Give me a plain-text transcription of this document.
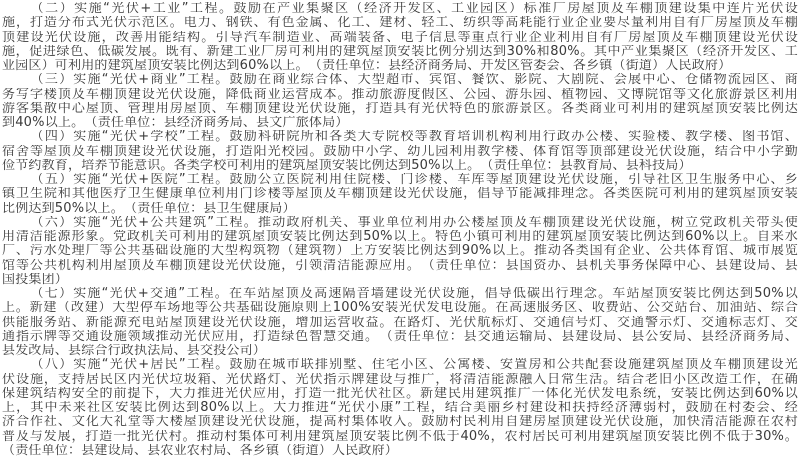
（二）实施“光伏+工业”工程。鼓励在产业集聚区（经济开发区、工业园区）标准厂房屋顶及车棚顶建设集中连片光伏设
施，打造分布式光伏示范区。电力、钢铁、有色金属、化工、建材、轻工、纺织等高耗能行业企业要尽量利用自有厂房屋顶及车棚
顶建设光伏设施，改善用能结构。引导汽车制造业、高端装备、电子信息等重点行业企业利用自有厂房屋顶及车棚顶建设光伏设
施，促进绿色、低碳发展。既有、新建工业厂房可利用的建筑屋顶安装比例分别达到30%和80%。其中产业集聚区（经济开发区、工
业园区）可利用的建筑屋顶安装比例达到60%以上。　（责任单位：县经济商务局、开发区管委会、各乡镇（街道）人民政府）
（三）实施“光伏+商业”工程。鼓励在商业综合体、大型超市、宾馆、餐饮、影院、大剧院、会展中心、仓储物流园区、商
务写字楼顶及车棚顶建设光伏设施，降低商业运营成本。推动旅游度假区、公园、游乐园、植物园、文博院馆等文化旅游景区利用
游客集散中心屋顶、管理用房屋顶、车棚顶建设光伏设施，打造具有光伏特色的旅游景区。各类商业可利用的建筑屋顶安装比例达
到40%以上。　（责任单位：县经济商务局、县文广旅体局）
（四）实施“光伏+学校”工程。鼓励科研院所和各类大专院校等教育培训机构利用行政办公楼、实验楼、教学楼、图书馆、
宿舍等屋顶及车棚顶建设光伏设施，打造阳光校园。鼓励中小学、幼儿园利用教学楼、体育馆等顶部建设光伏设施，结合中小学勤
俭节约教育，培养节能意识。各类学校可利用的建筑屋顶安装比例达到50%以上。　（责任单位：县教育局、县科技局）
（五）实施“光伏+医院”工程。鼓励公立医院利用住院楼、门诊楼、车库等屋顶建设光伏设施，引导社区卫生服务中心、乡
镇卫生院和其他医疗卫生健康单位利用门诊楼等屋顶及车棚顶建设光伏设施，倡导节能减排理念。各类医院可利用的建筑屋顶安装
比例达到50%以上。　（责任单位：县卫生健康局）
（六）实施“光伏+公共建筑”工程。推动政府机关、事业单位利用办公楼屋顶及车棚顶建设光伏设施，树立党政机关带头使
用清洁能源形象。党政机关可利用的建筑屋顶安装比例达到50%以上。特色小镇可利用的建筑屋顶安装比例达到60%以上。自来水
厂、污水处理厂等公共基础设施的大型构筑物（建筑物）上方安装比例达到90%以上。推动各类国有企业、公共体育馆、城市展览
馆等公共机构利用屋顶及车棚顶建设光伏设施，引领清洁能源应用。　（责任单位：县国资办、县机关事务保障中心、县建设局、县
国投集团）
（七）实施“光伏+交通”工程。在车站屋顶及高速隔音墙建设光伏设施，倡导低碳出行理念。车站屋顶安装比例达到50%以
上。新建（改建）大型停车场地等公共基础设施原则上100%安装光伏发电设施。在高速服务区、收费站、公交站台、加油站、综合
供能服务站、新能源充电站屋顶建设光伏设施，增加运营收益。在路灯、光伏航标灯、交通信号灯、交通警示灯、交通标志灯、交
通指示牌等交通设施领域推动光伏应用，打造绿色智慧交通。　（责任单位：县交通运输局、县建设局、县公安局、县经济商务局、
县发改局、县综合行政执法局、县交投公司）
（八）实施“光伏+居民”工程。鼓励在城市联排别墅、住宅小区、公寓楼、安置房和公共配套设施建筑屋顶及车棚顶建设光
伏设施，支持居民区内光伏垃圾箱、光伏路灯、光伏指示牌建设与推广，将清洁能源融入日常生活。结合老旧小区改造工作，在确
保建筑结构安全的前提下，大力推进光伏应用，打造一批光伏社区。新建民用建筑推广一体化光伏发电系统，安装比例达到60%以
上，其中未来社区安装比例达到80%以上。大力推进“光伏小康”工程，结合美丽乡村建设和扶持经济薄弱村，鼓励在村委会、经
济合作社、文化大礼堂等大楼屋顶建设光伏设施，提高村集体收入。鼓励村民利用自建房屋顶建设光伏设施，加快清洁能源在农村
普及与发展，打造一批光伏村。推动村集体可利用建筑屋顶安装比例不低于40%，农村居民可利用建筑屋顶安装比例不低于30%。
（责任单位：县建设局、县农业农村局、各乡镇（街道）人民政府）
